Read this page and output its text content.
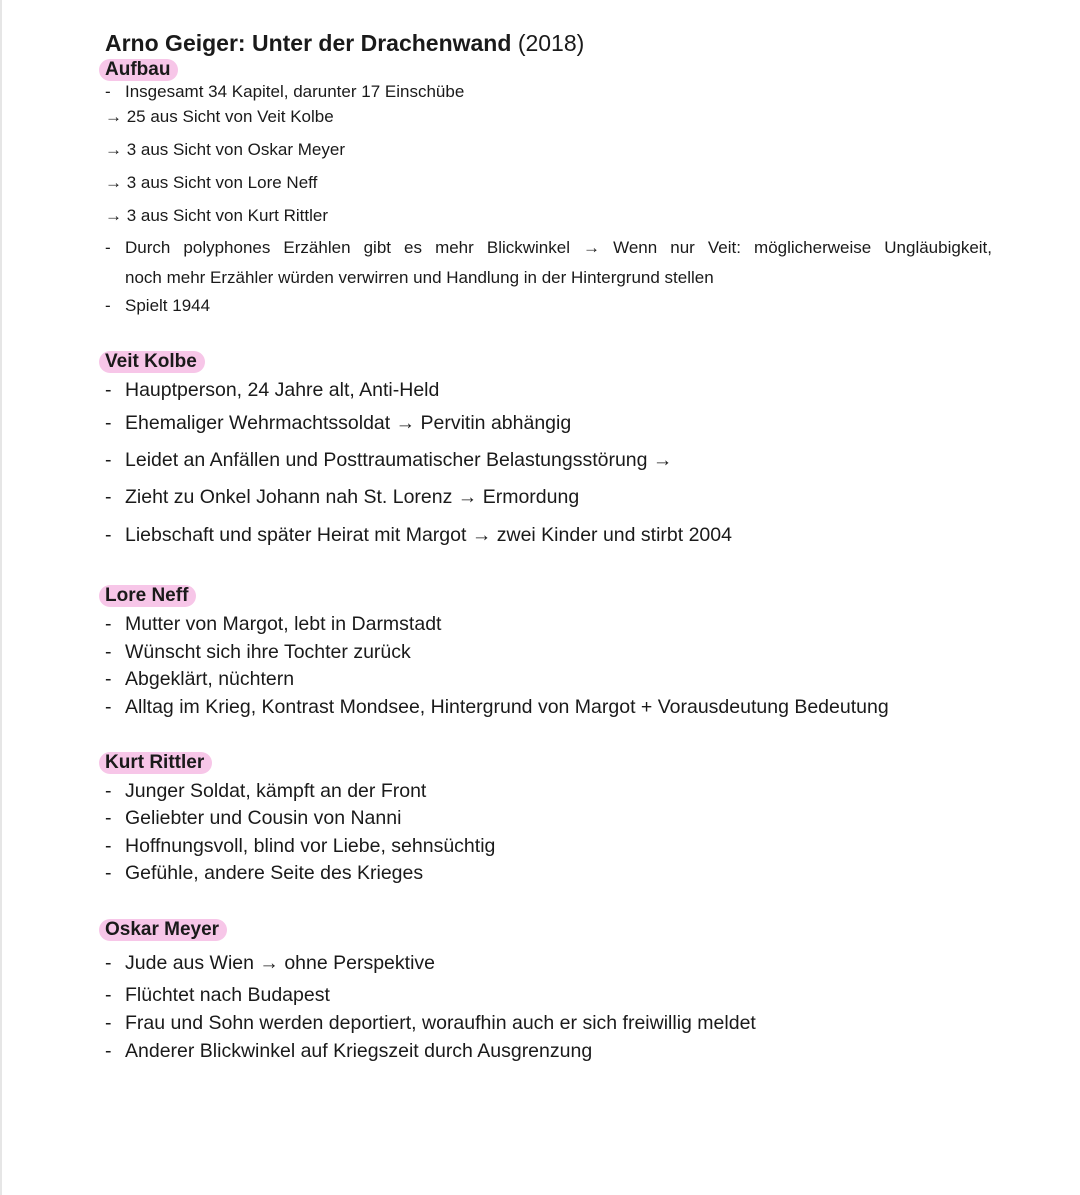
Arno Geiger: Unter der Drachenwand (2018)
Aufbau
- Insgesamt 34 Kapitel, darunter 17 Einschübe
→ 25 aus Sicht von Veit Kolbe
→ 3 aus Sicht von Oskar Meyer
→ 3 aus Sicht von Lore Neff
→ 3 aus Sicht von Kurt Rittler
- Durch polyphones Erzählen gibt es mehr Blickwinkel → Wenn nur Veit: möglicherweise Ungläubigkeit,
noch mehr Erzähler würden verwirren und Handlung in der Hintergrund stellen
- Spielt 1944
Veit Kolbe
- Hauptperson, 24 Jahre alt, Anti-Held
- Ehemaliger Wehrmachtssoldat → Pervitin abhängig
- Leidet an Anfällen und Posttraumatischer Belastungsstörung →
- Zieht zu Onkel Johann nah St. Lorenz → Ermordung
- Liebschaft und später Heirat mit Margot → zwei Kinder und stirbt 2004
Lore Neff
- Mutter von Margot, lebt in Darmstadt
- Wünscht sich ihre Tochter zurück
- Abgeklärt, nüchtern
- Alltag im Krieg, Kontrast Mondsee, Hintergrund von Margot + Vorausdeutung Bedeutung
Kurt Rittler
- Junger Soldat, kämpft an der Front
- Geliebter und Cousin von Nanni
- Hoffnungsvoll, blind vor Liebe, sehnsüchtig
- Gefühle, andere Seite des Krieges
Oskar Meyer
- Jude aus Wien → ohne Perspektive
- Flüchtet nach Budapest
- Frau und Sohn werden deportiert, woraufhin auch er sich freiwillig meldet
- Anderer Blickwinkel auf Kriegszeit durch Ausgrenzung
